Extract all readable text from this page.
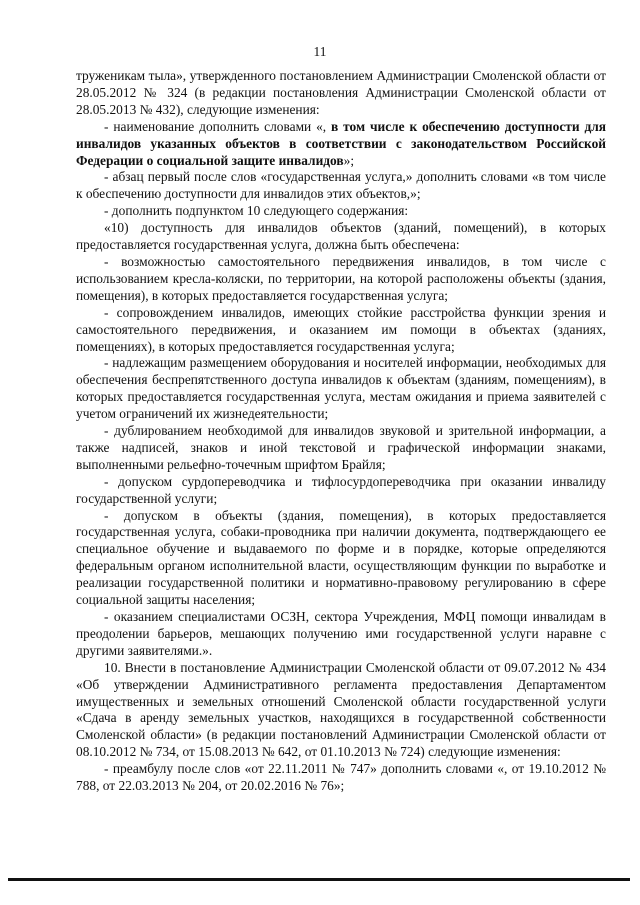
11

труженикам тыла», утвержденного постановлением Администрации Смоленской области от 28.05.2012 № 324 (в редакции постановления Администрации Смоленской области от 28.05.2013 № 432), следующие изменения:

- наименование дополнить словами «, в том числе к обеспечению доступности для инвалидов указанных объектов в соответствии с законодательством Российской Федерации о социальной защите инвалидов»;

- абзац первый после слов «государственная услуга,» дополнить словами «в том числе к обеспечению доступности для инвалидов этих объектов,»;

- дополнить подпунктом 10 следующего содержания:

«10) доступность для инвалидов объектов (зданий, помещений), в которых предоставляется государственная услуга, должна быть обеспечена:

- возможностью самостоятельного передвижения инвалидов, в том числе с использованием кресла-коляски, по территории, на которой расположены объекты (здания, помещения), в которых предоставляется государственная услуга;

- сопровождением инвалидов, имеющих стойкие расстройства функции зрения и самостоятельного передвижения, и оказанием им помощи в объектах (зданиях, помещениях), в которых предоставляется государственная услуга;

- надлежащим размещением оборудования и носителей информации, необходимых для обеспечения беспрепятственного доступа инвалидов к объектам (зданиям, помещениям), в которых предоставляется государственная услуга, местам ожидания и приема заявителей с учетом ограничений их жизнедеятельности;

- дублированием необходимой для инвалидов звуковой и зрительной информации, а также надписей, знаков и иной текстовой и графической информации знаками, выполненными рельефно-точечным шрифтом Брайля;

- допуском сурдопереводчика и тифлосурдопереводчика при оказании инвалиду государственной услуги;

- допуском в объекты (здания, помещения), в которых предоставляется государственная услуга, собаки-проводника при наличии документа, подтверждающего ее специальное обучение и выдаваемого по форме и в порядке, которые определяются федеральным органом исполнительной власти, осуществляющим функции по выработке и реализации государственной политики и нормативно-правовому регулированию в сфере социальной защиты населения;

- оказанием специалистами ОСЗН, сектора Учреждения, МФЦ помощи инвалидам в преодолении барьеров, мешающих получению ими государственной услуги наравне с другими заявителями.».

10. Внести в постановление Администрации Смоленской области от 09.07.2012 № 434 «Об утверждении Административного регламента предоставления Департаментом имущественных и земельных отношений Смоленской области государственной услуги «Сдача в аренду земельных участков, находящихся в государственной собственности Смоленской области» (в редакции постановлений Администрации Смоленской области от 08.10.2012 № 734, от 15.08.2013 № 642, от 01.10.2013 № 724) следующие изменения:

- преамбулу после слов «от 22.11.2011 № 747» дополнить словами «, от 19.10.2012 № 788, от 22.03.2013 № 204, от 20.02.2016 № 76»;
